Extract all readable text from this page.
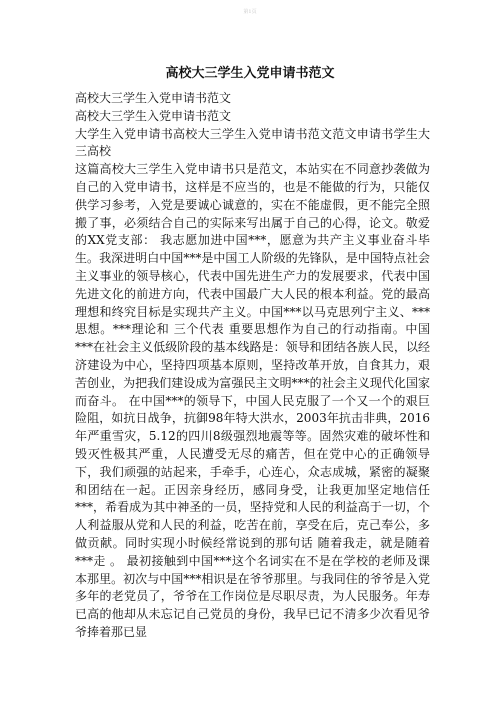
第1页
高校大三学生入党申请书范文

高校大三学生入党申请书范文

高校大三学生入党申请书范文

大学生入党申请书高校大三学生入党申请书范文范文申请书学生大三高校

这篇高校大三学生入党申请书只是范文，本站实在不同意抄袭做为自己的入党申请书，这样是不应当的，也是不能做的行为，只能仅供学习参考，入党是要诚心诚意的，实在不能虚假，更不能完全照搬了事，必须结合自己的实际来写出属于自己的心得，论文。敬爱的XX党支部： 我志愿加进中国***，愿意为共产主义事业奋斗毕生。我深进明白中国***是中国工人阶级的先锋队，是中国特点社会主义事业的领导核心，代表中国先进生产力的发展要求，代表中国先进文化的前进方向，代表中国最广大人民的根本利益。党的最高理想和终究目标是实现共产主义。中国***以马克思列宁主义、***思想。***理论和 三个代表 重要思想作为自己的行动指南。中国***在社会主义低级阶段的基本线路是：领导和团结各族人民，以经济建设为中心，坚持四项基本原则，坚持改革开放，自食其力，艰苦创业，为把我们建设成为富强民主文明***的社会主义现代化国家而奋斗。 在中国***的领导下，中国人民克服了一个又一个的艰巨险阻，如抗日战争，抗御98年特大洪水，2003年抗击非典，2016年严重雪灾，5.12的四川8级强烈地震等等。固然灾难的破坏性和毁灭性极其严重，人民遭受无尽的痛苦，但在党中心的正确领导下，我们顽强的站起来，手牵手，心连心，众志成城，紧密的凝聚和团结在一起。正因亲身经历，感同身受，让我更加坚定地信任***，希看成为其中神圣的一员，坚持党和人民的利益高于一切，个人利益服从党和人民的利益，吃苦在前，享受在后，克己奉公，多做贡献。同时实现小时候经常说到的那句话 随着我走，就是随着***走 。 最初接触到中国***这个名词实在不是在学校的老师及课本那里。初次与中国***相识是在爷爷那里。与我同住的爷爷是入党多年的老党员了，爷爷在工作岗位是尽职尽责，为人民服务。年寿已高的他却从未忘记自己党员的身份，我早已记不清多少次看见爷爷捧着那已显
